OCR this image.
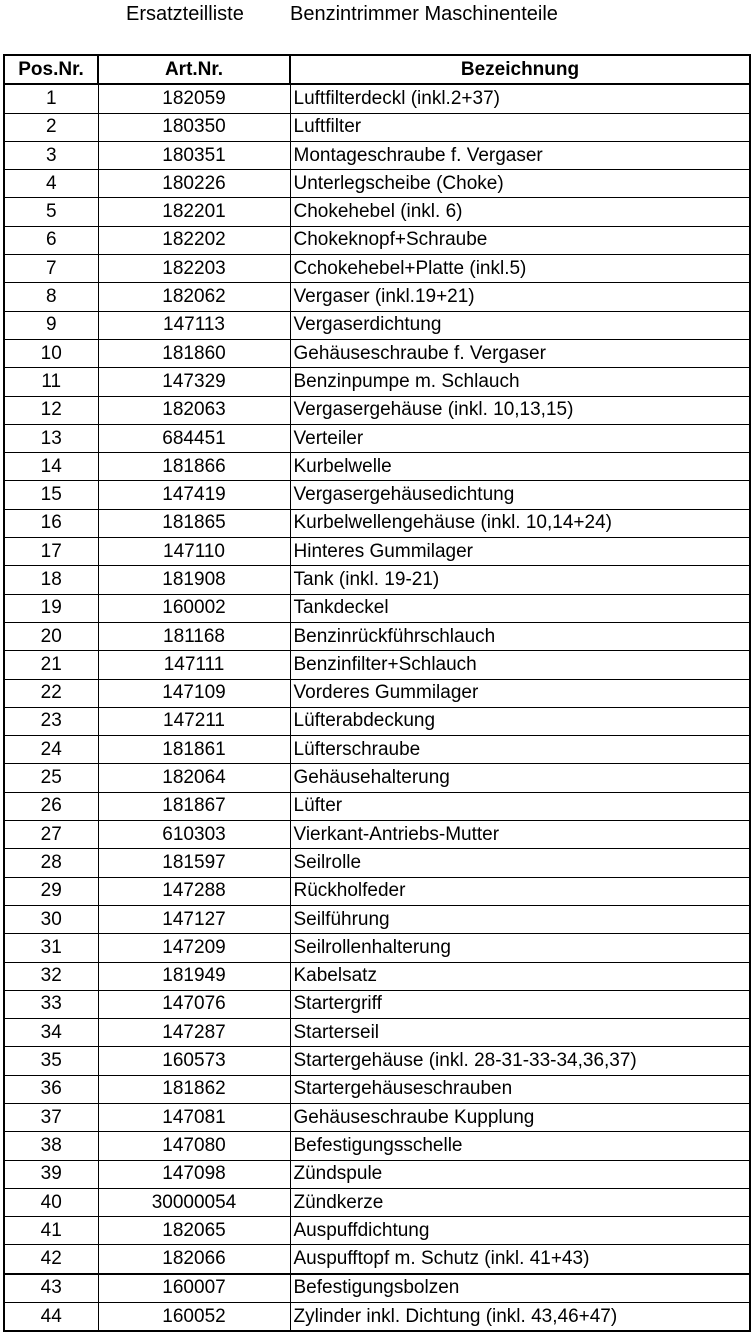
Ersatzteilliste Benzintrimmer Maschinenteile
Pos.Nr.	Art.Nr.	Bezeichnung
1	182059	Luftfilterdeckl (inkl.2+37)
2	180350	Luftfilter
3	180351	Montageschraube f. Vergaser
4	180226	Unterlegscheibe (Choke)
5	182201	Chokehebel (inkl. 6)
6	182202	Chokeknopf+Schraube
7	182203	Cchokehebel+Platte (inkl.5)
8	182062	Vergaser (inkl.19+21)
9	147113	Vergaserdichtung
10	181860	Gehäuseschraube f. Vergaser
11	147329	Benzinpumpe m. Schlauch
12	182063	Vergasergehäuse (inkl. 10,13,15)
13	684451	Verteiler
14	181866	Kurbelwelle
15	147419	Vergasergehäusedichtung
16	181865	Kurbelwellengehäuse (inkl. 10,14+24)
17	147110	Hinteres Gummilager
18	181908	Tank (inkl. 19-21)
19	160002	Tankdeckel
20	181168	Benzinrückführschlauch
21	147111	Benzinfilter+Schlauch
22	147109	Vorderes Gummilager
23	147211	Lüfterabdeckung
24	181861	Lüfterschraube
25	182064	Gehäusehalterung
26	181867	Lüfter
27	610303	Vierkant-Antriebs-Mutter
28	181597	Seilrolle
29	147288	Rückholfeder
30	147127	Seilführung
31	147209	Seilrollenhalterung
32	181949	Kabelsatz
33	147076	Startergriff
34	147287	Starterseil
35	160573	Startergehäuse (inkl. 28-31-33-34,36,37)
36	181862	Startergehäuseschrauben
37	147081	Gehäuseschraube Kupplung
38	147080	Befestigungsschelle
39	147098	Zündspule
40	30000054	Zündkerze
41	182065	Auspuffdichtung
42	182066	Auspufftopf m. Schutz (inkl. 41+43)
43	160007	Befestigungsbolzen
44	160052	Zylinder inkl. Dichtung (inkl. 43,46+47)
